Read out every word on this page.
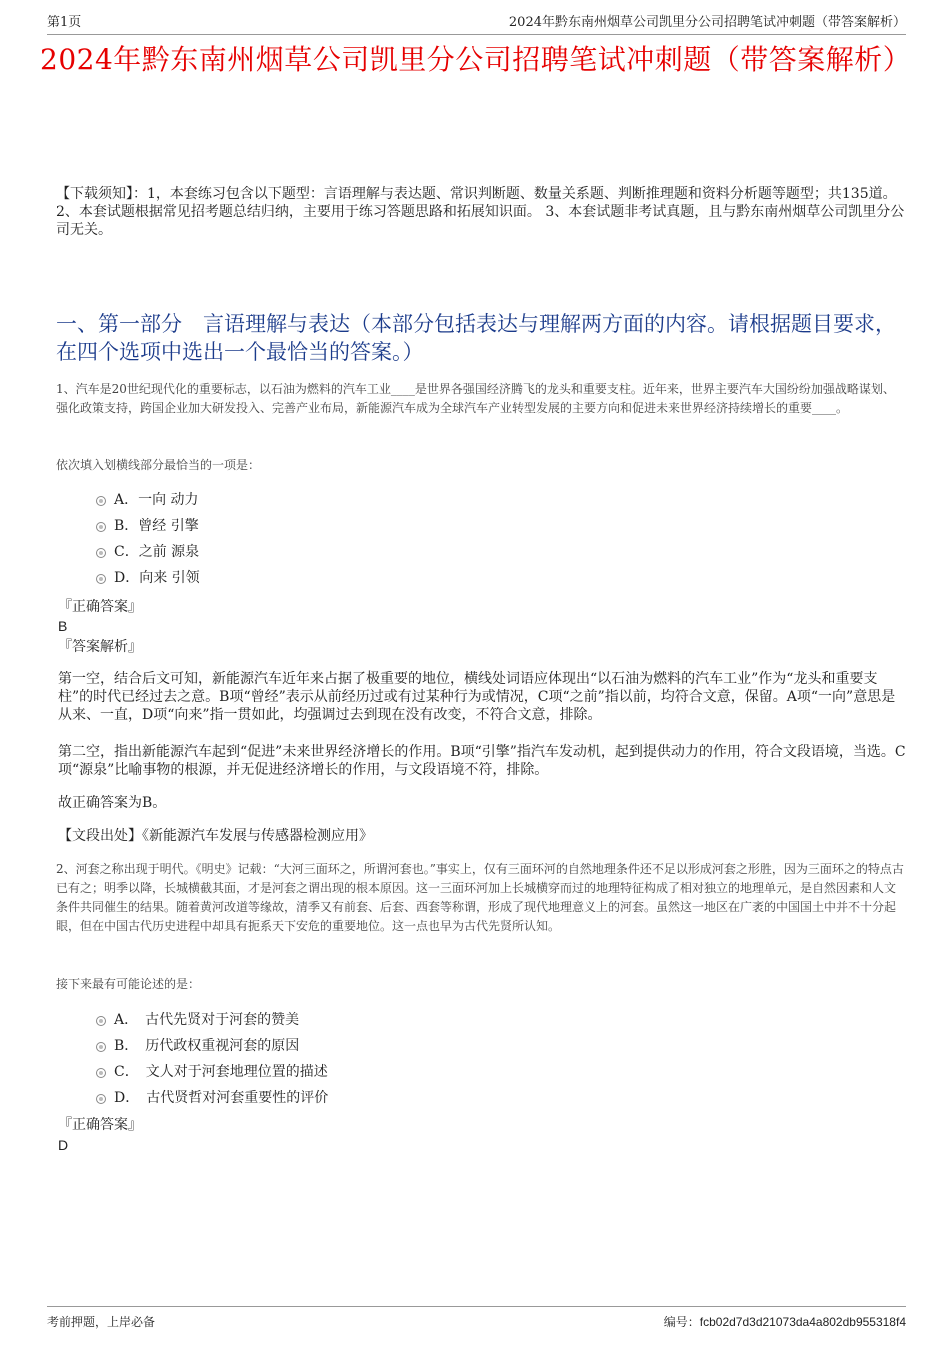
第1页	2024年黔东南州烟草公司凯里分公司招聘笔试冲刺题（带答案解析）
2024年黔东南州烟草公司凯里分公司招聘笔试冲刺题（带答案解析）
【下载须知】：1，本套练习包含以下题型：言语理解与表达题、常识判断题、数量关系题、判断推理题和资料分析题等题型；共135道。 2、本套试题根据常见招考题总结归纳，主要用于练习答题思路和拓展知识面。 3、本套试题非考试真题，且与黔东南州烟草公司凯里分公司无关。
一、第一部分　言语理解与表达（本部分包括表达与理解两方面的内容。请根据题目要求，在四个选项中选出一个最恰当的答案。）
1、汽车是20世纪现代化的重要标志，以石油为燃料的汽车工业____是世界各强国经济腾飞的龙头和重要支柱。近年来，世界主要汽车大国纷纷加强战略谋划、强化政策支持，跨国企业加大研发投入、完善产业布局，新能源汽车成为全球汽车产业转型发展的主要方向和促进未来世界经济持续增长的重要____。
依次填入划横线部分最恰当的一项是：
A．一向 动力
B．曾经 引擎
C．之前 源泉
D．向来 引领
『正确答案』
B
『答案解析』
第一空，结合后文可知，新能源汽车近年来占据了极重要的地位，横线处词语应体现出“以石油为燃料的汽车工业”作为“龙头和重要支柱”的时代已经过去之意。B项“曾经”表示从前经历过或有过某种行为或情况，C项“之前”指以前，均符合文意，保留。A项“一向”意思是从来、一直，D项“向来”指一贯如此，均强调过去到现在没有改变，不符合文意，排除。
第二空，指出新能源汽车起到“促进”未来世界经济增长的作用。B项“引擎”指汽车发动机，起到提供动力的作用，符合文段语境，当选。C项“源泉”比喻事物的根源，并无促进经济增长的作用，与文段语境不符，排除。
故正确答案为B。
【文段出处】《新能源汽车发展与传感器检测应用》
2、河套之称出现于明代。《明史》记载：“大河三面环之，所谓河套也。”事实上，仅有三面环河的自然地理条件还不足以形成河套之形胜，因为三面环之的特点古已有之；明季以降，长城横截其面，才是河套之谓出现的根本原因。这一三面环河加上长城横穿而过的地理特征构成了相对独立的地理单元，是自然因素和人文条件共同催生的结果。随着黄河改道等缘故，清季又有前套、后套、西套等称谓，形成了现代地理意义上的河套。虽然这一地区在广袤的中国国土中并不十分起眼，但在中国古代历史进程中却具有扼系天下安危的重要地位。这一点也早为古代先贤所认知。
接下来最有可能论述的是：
A．　古代先贤对于河套的赞美
B．　历代政权重视河套的原因
C．　文人对于河套地理位置的描述
D．　古代贤哲对河套重要性的评价
『正确答案』
D
考前押题，上岸必备	编号：fcb02d7d3d21073da4a802db955318f4
